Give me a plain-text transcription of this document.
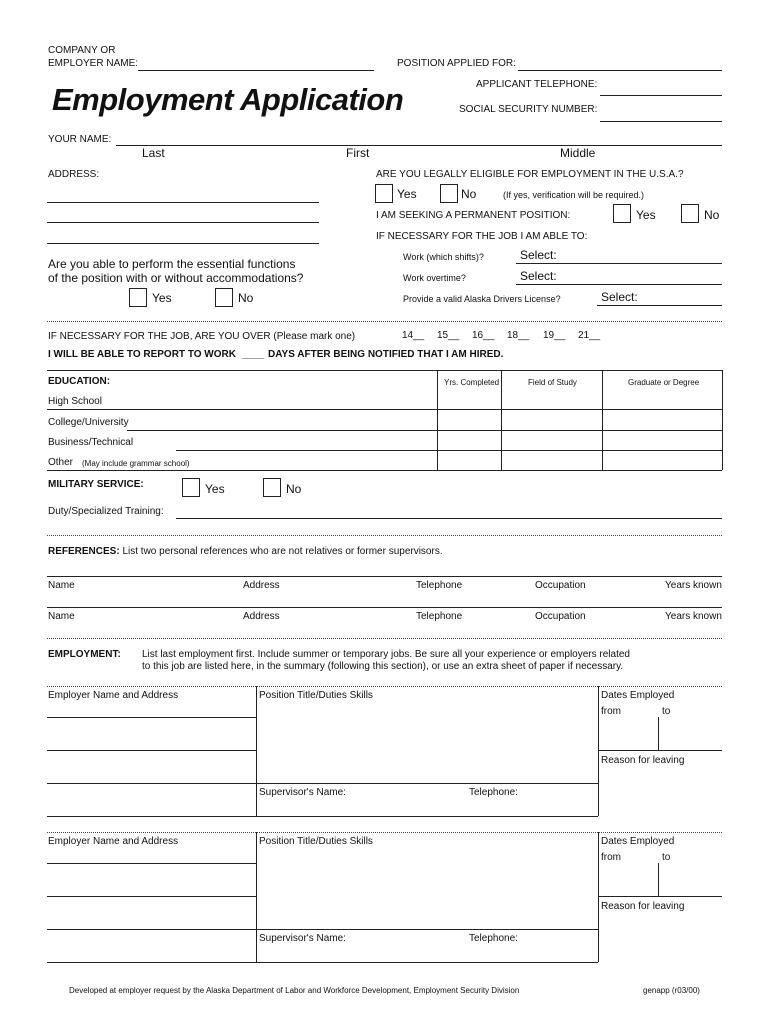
COMPANY OR
EMPLOYER NAME:	POSITION APPLIED FOR:
Employment Application	APPLICANT TELEPHONE:
SOCIAL SECURITY NUMBER:
YOUR NAME:
Last	First	Middle
ADDRESS:	ARE YOU LEGALLY ELIGIBLE FOR EMPLOYMENT IN THE U.S.A.?
Yes	No	(If yes, verification will be required.)
I AM SEEKING A PERMANENT POSITION:	Yes	No
IF NECESSARY FOR THE JOB I AM ABLE TO:
Work (which shifts)?	Select:
Work overtime?	Select:
Provide a valid Alaska Drivers License?	Select:
Are you able to perform the essential functions
of the position with or without accommodations?
Yes	No
IF NECESSARY FOR THE JOB, ARE YOU OVER (Please mark one)	14__ 15__ 16__ 18__ 19__ 21__
I WILL BE ABLE TO REPORT TO WORK ____ DAYS AFTER BEING NOTIFIED THAT I AM HIRED.
EDUCATION:	Yrs. Completed	Field of Study	Graduate or Degree
High School
College/University
Business/Technical
Other (May include grammar school)
MILITARY SERVICE:	Yes	No
Duty/Specialized Training:
REFERENCES: List two personal references who are not relatives or former supervisors.
Name	Address	Telephone	Occupation	Years known
Name	Address	Telephone	Occupation	Years known
EMPLOYMENT: List last employment first. Include summer or temporary jobs. Be sure all your experience or employers related
to this job are listed here, in the summary (following this section), or use an extra sheet of paper if necessary.
Employer Name and Address	Position Title/Duties Skills	Dates Employed
from	to
Reason for leaving
Supervisor's Name:	Telephone:
Employer Name and Address	Position Title/Duties Skills	Dates Employed
from	to
Reason for leaving
Supervisor's Name:	Telephone:
Developed at employer request by the Alaska Department of Labor and Workforce Development, Employment Security Division	genapp (r03/00)
